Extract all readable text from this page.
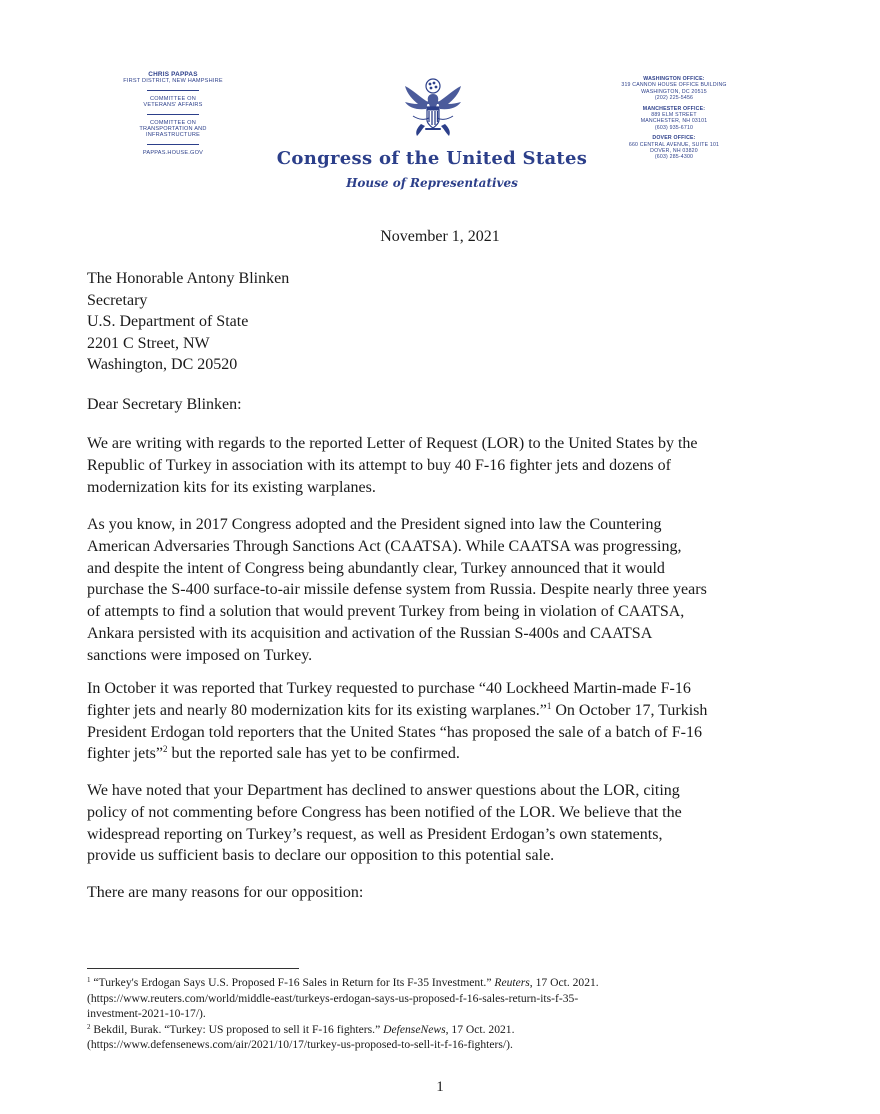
CHRIS PAPPAS
FIRST DISTRICT, NEW HAMPSHIRE
COMMITTEE ON
VETERANS' AFFAIRS
COMMITTEE ON
TRANSPORTATION AND
INFRASTRUCTURE
PAPPAS.HOUSE.GOV	Congress of the United States
House of Representatives
WASHINGTON OFFICE:
319 CANNON HOUSE OFFICE BUILDING
WASHINGTON, DC 20515
(202) 225-5456
MANCHESTER OFFICE:
889 ELM STREET
MANCHESTER, NH 03101
(603) 935-6710
DOVER OFFICE:
660 CENTRAL AVENUE, SUITE 101
DOVER, NH 03820
(603) 285-4300
November 1, 2021
The Honorable Antony Blinken
Secretary
U.S. Department of State
2201 C Street, NW
Washington, DC 20520
Dear Secretary Blinken:
We are writing with regards to the reported Letter of Request (LOR) to the United States by the
Republic of Turkey in association with its attempt to buy 40 F-16 fighter jets and dozens of
modernization kits for its existing warplanes.
As you know, in 2017 Congress adopted and the President signed into law the Countering
American Adversaries Through Sanctions Act (CAATSA). While CAATSA was progressing,
and despite the intent of Congress being abundantly clear, Turkey announced that it would
purchase the S-400 surface-to-air missile defense system from Russia. Despite nearly three years
of attempts to find a solution that would prevent Turkey from being in violation of CAATSA,
Ankara persisted with its acquisition and activation of the Russian S-400s and CAATSA
sanctions were imposed on Turkey.
In October it was reported that Turkey requested to purchase “40 Lockheed Martin-made F-16
fighter jets and nearly 80 modernization kits for its existing warplanes.”$^1$ On October 17, Turkish
President Erdogan told reporters that the United States “has proposed the sale of a batch of F-16
fighter jets”$^2$ but the reported sale has yet to be confirmed.
We have noted that your Department has declined to answer questions about the LOR, citing
policy of not commenting before Congress has been notified of the LOR. We believe that the
widespread reporting on Turkey’s request, as well as President Erdogan’s own statements,
provide us sufficient basis to declare our opposition to this potential sale.
There are many reasons for our opposition:
$^1$ “Turkey's Erdogan Says U.S. Proposed F-16 Sales in Return for Its F-35 Investment.” Reuters, 17 Oct. 2021.
(https://www.reuters.com/world/middle-east/turkeys-erdogan-says-us-proposed-f-16-sales-return-its-f-35-
investment-2021-10-17/).
$^2$ Bekdil, Burak. “Turkey: US proposed to sell it F-16 fighters.” DefenseNews, 17 Oct. 2021.
(https://www.defensenews.com/air/2021/10/17/turkey-us-proposed-to-sell-it-f-16-fighters/).
1
